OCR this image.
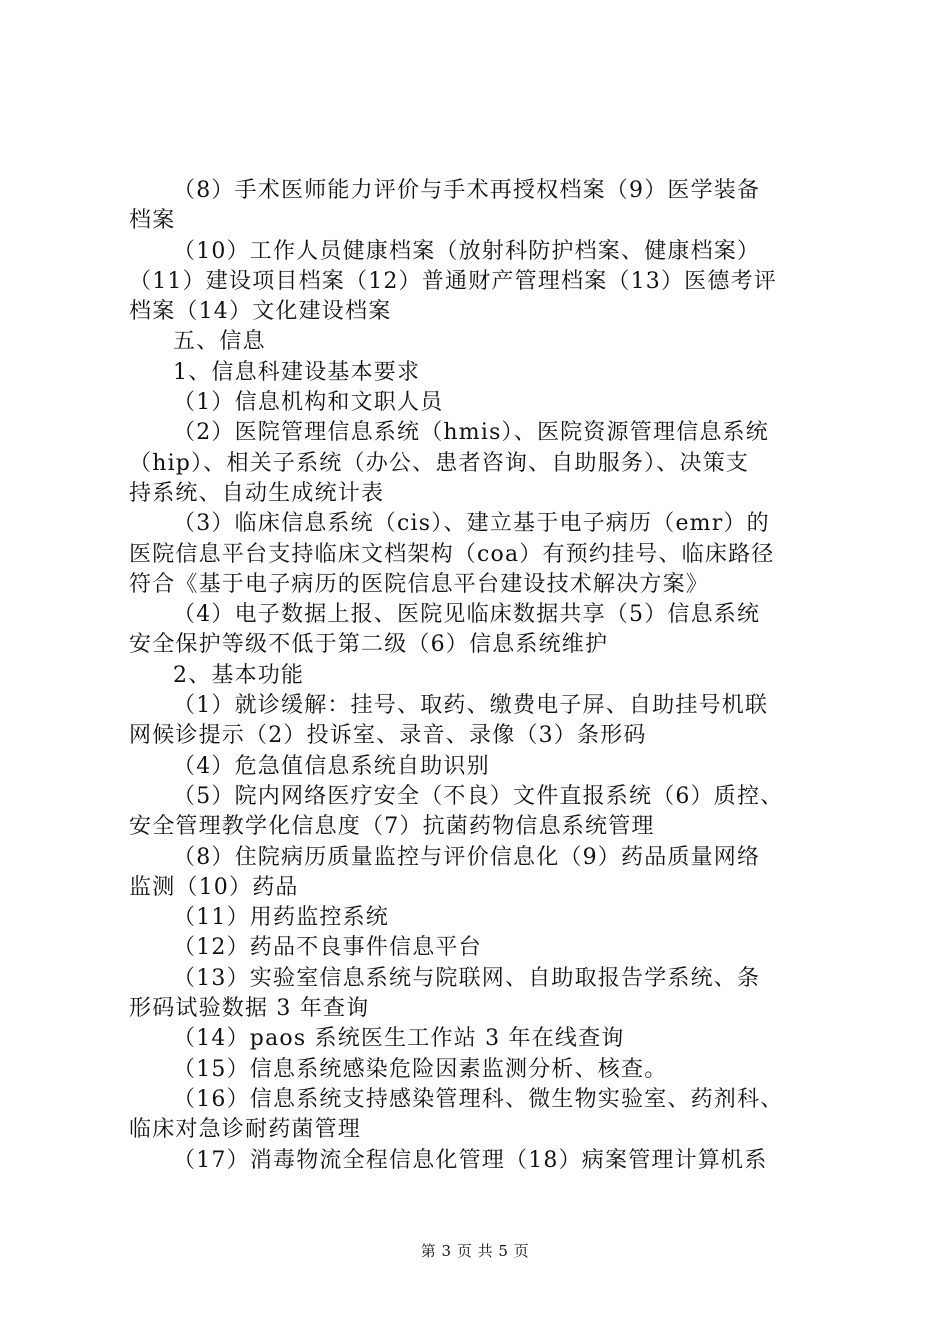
（8）手术医师能力评价与手术再授权档案（9）医学装备
档案
（10）工作人员健康档案（放射科防护档案、健康档案）
（11）建设项目档案（12）普通财产管理档案（13）医德考评
档案（14）文化建设档案
五、信息
1、信息科建设基本要求
（1）信息机构和文职人员
（2）医院管理信息系统（hmis）、医院资源管理信息系统
（hip）、相关子系统（办公、患者咨询、自助服务）、决策支
持系统、自动生成统计表
（3）临床信息系统（cis）、建立基于电子病历（emr）的
医院信息平台支持临床文档架构（coa）有预约挂号、临床路径
符合《基于电子病历的医院信息平台建设技术解决方案》
（4）电子数据上报、医院见临床数据共享（5）信息系统
安全保护等级不低于第二级（6）信息系统维护
2、基本功能
（1）就诊缓解：挂号、取药、缴费电子屏、自助挂号机联
网候诊提示（2）投诉室、录音、录像（3）条形码
（4）危急值信息系统自助识别
（5）院内网络医疗安全（不良）文件直报系统（6）质控、
安全管理教学化信息度（7）抗菌药物信息系统管理
（8）住院病历质量监控与评价信息化（9）药品质量网络
监测（10）药品
（11）用药监控系统
（12）药品不良事件信息平台
（13）实验室信息系统与院联网、自助取报告学系统、条
形码试验数据 3 年查询
（14）paos 系统医生工作站 3 年在线查询
（15）信息系统感染危险因素监测分析、核查。
（16）信息系统支持感染管理科、微生物实验室、药剂科、
临床对急诊耐药菌管理
（17）消毒物流全程信息化管理（18）病案管理计算机系
第 3 页 共 5 页
